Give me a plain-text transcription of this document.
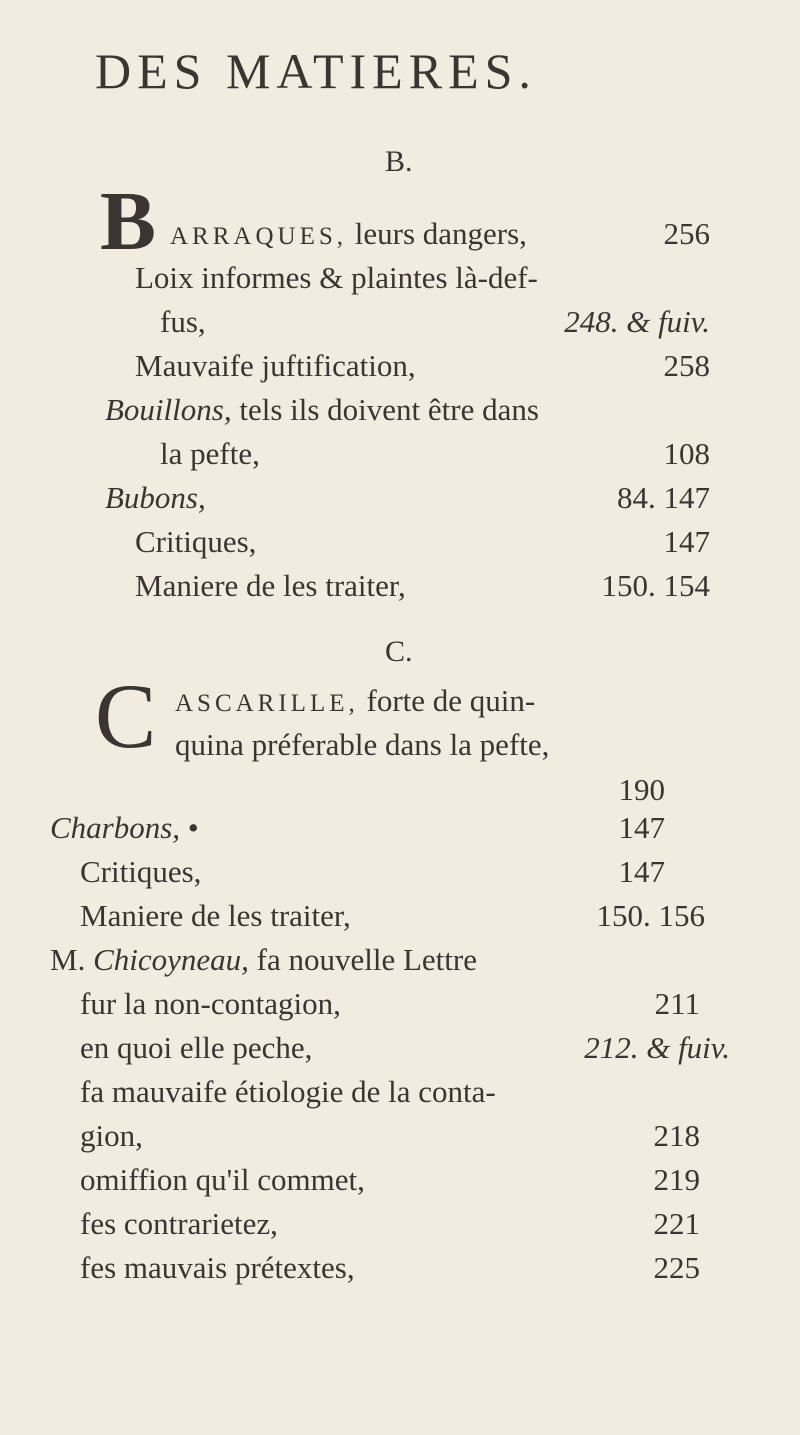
DES MATIERES.
B.
B ARRAQUES, leurs dangers,	256
Loix informes & plaintes là-def-
fus,	248. & fuiv.
Mauvaife juftification,	258
Bouillons, tels ils doivent être dans
la pefte,	108
Bubons,	84. 147
Critiques,	147
Maniere de les traiter,	150. 154
C.
C ASCARILLE, forte de quin-
quina préferable dans la pefte,
190
Charbons, •	147
Critiques,	147
Maniere de les traiter,	150. 156
M. Chicoyneau, fa nouvelle Lettre
fur la non-contagion,	211
en quoi elle peche,	212. & fuiv.
fa mauvaife étiologie de la conta-
gion,	218
omiffion qu'il commet,	219
fes contrarietez,	221
fes mauvais prétextes,	225
